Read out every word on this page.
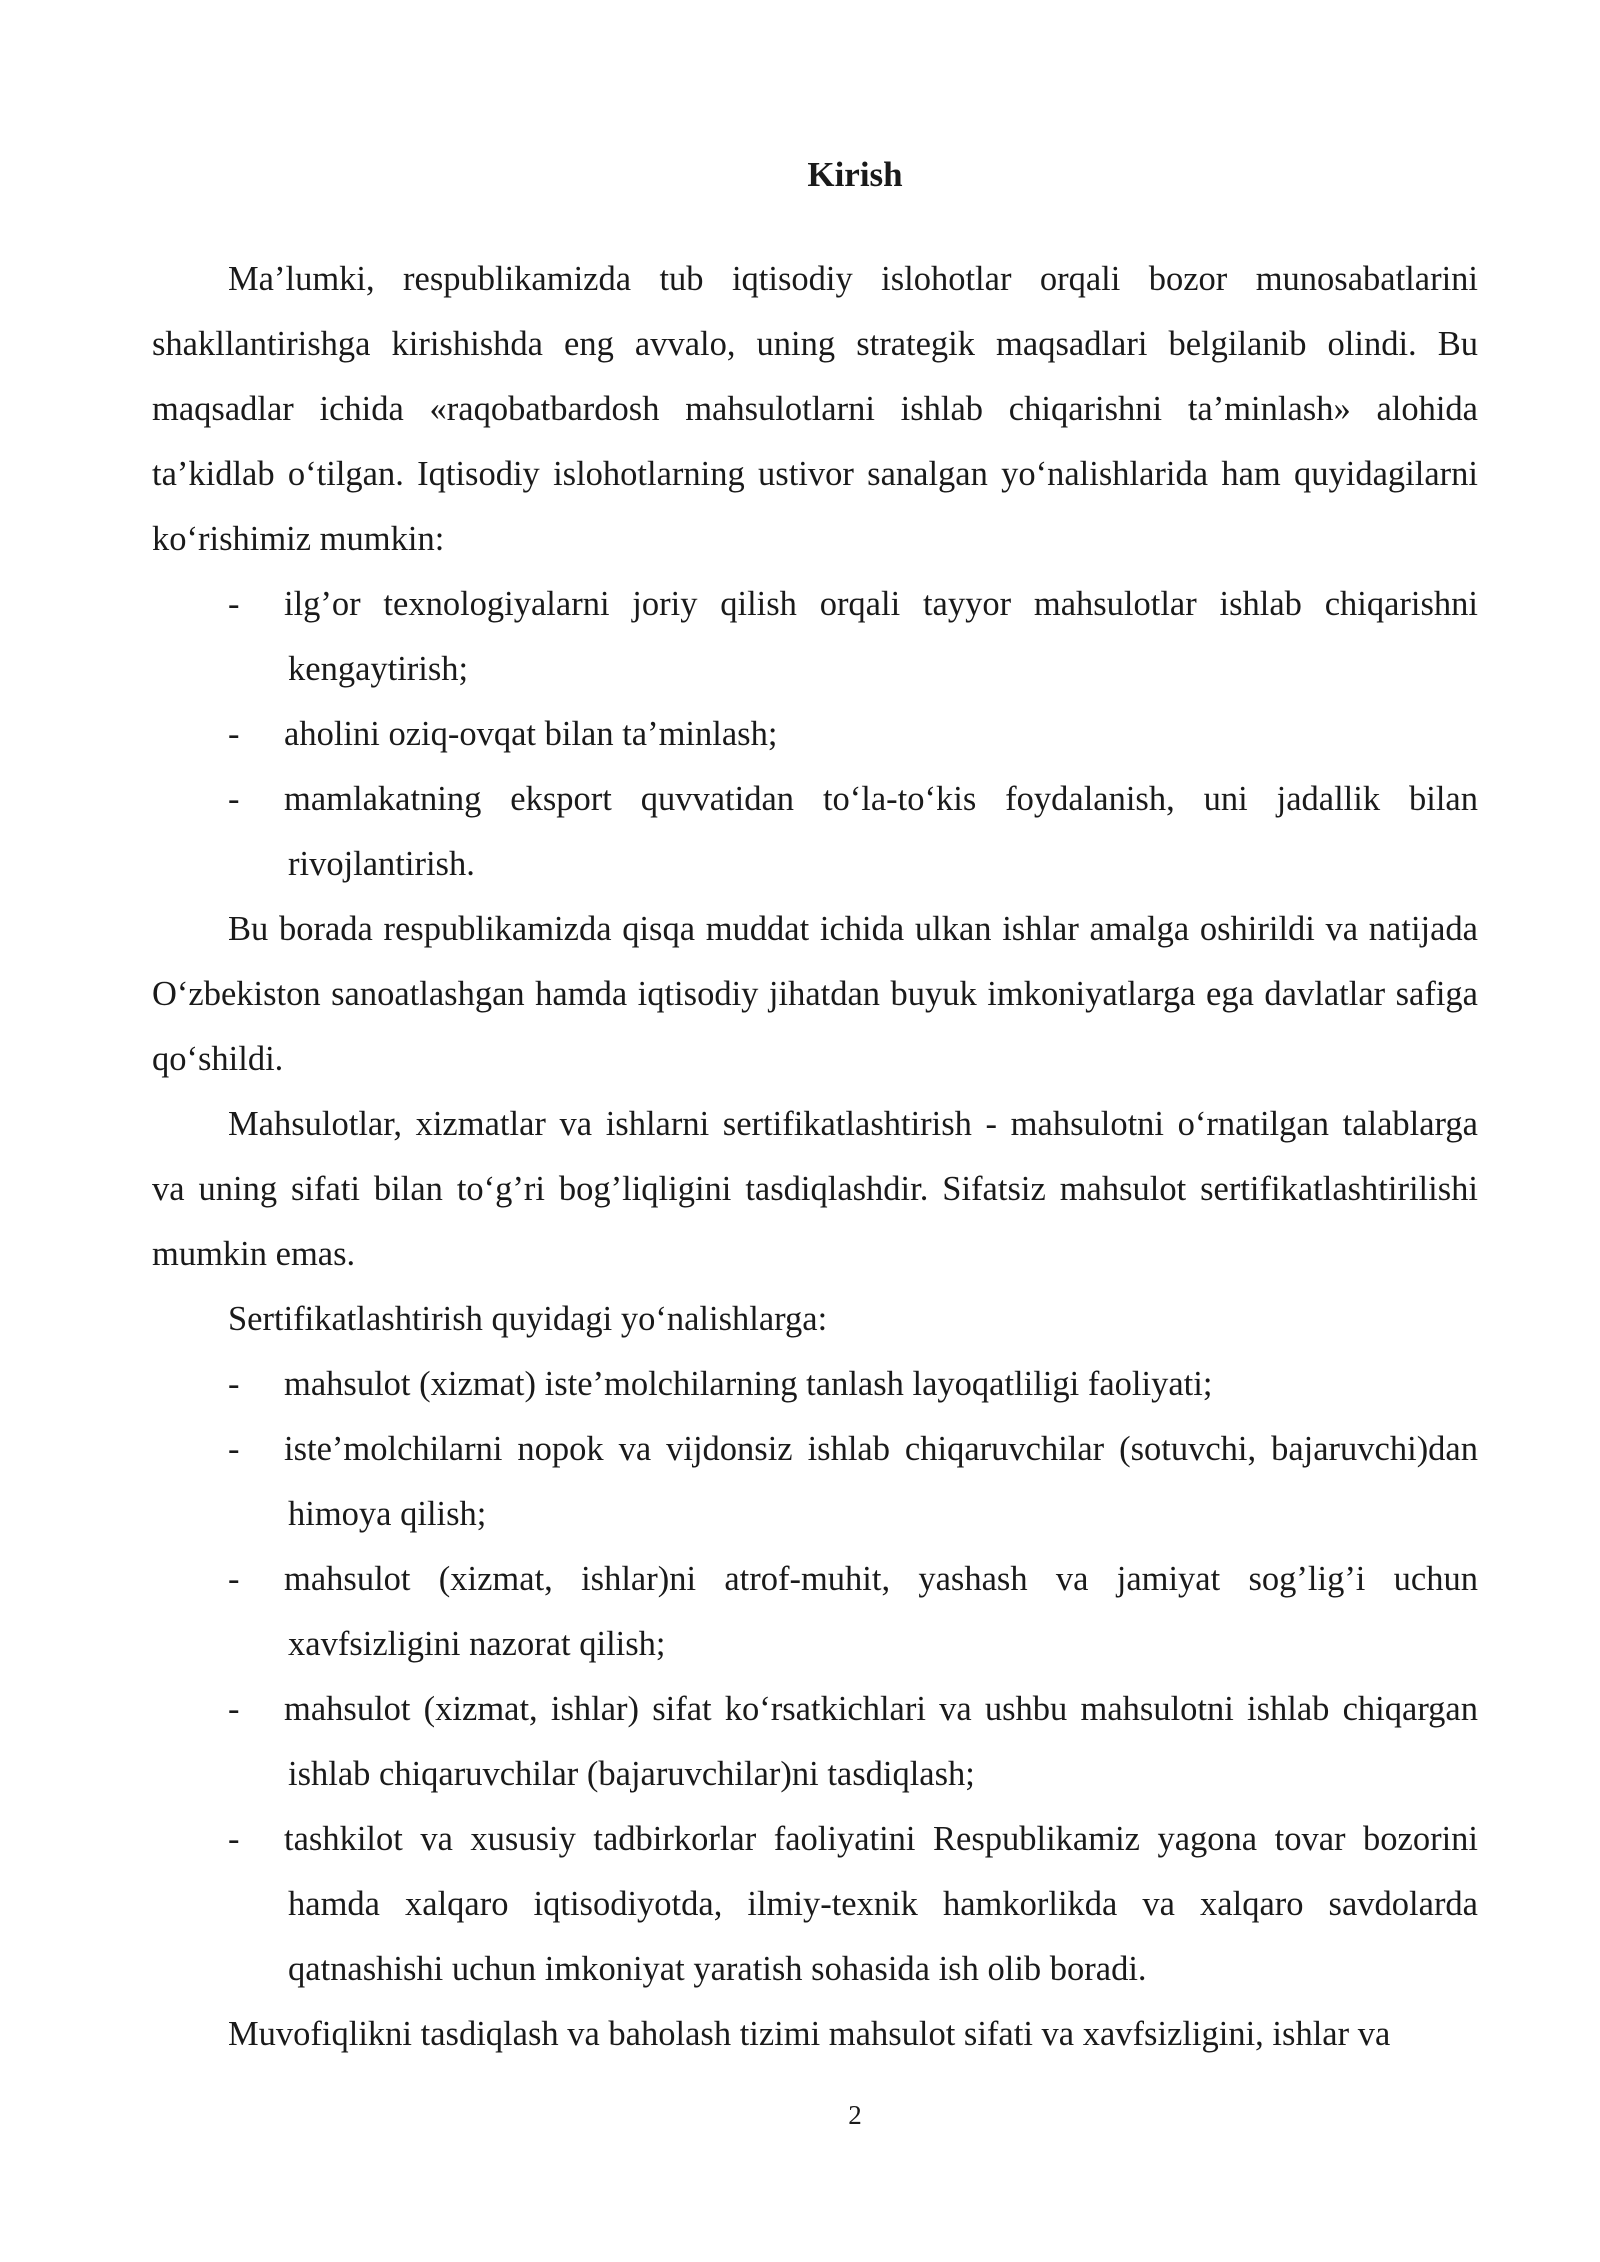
Kirish

Ma’lumki, respublikamizda tub iqtisodiy islohotlar orqali bozor munosabatlarini shakllantirishga kirishishda eng avvalo, uning strategik maqsadlari belgilanib olindi. Bu maqsadlar ichida «raqobatbardosh mahsulotlarni ishlab chiqarishni ta’minlash» alohida ta’kidlab o‘tilgan. Iqtisodiy islohotlarning ustivor sanalgan yo‘nalishlarida ham quyidagilarni ko‘rishimiz mumkin:

- ilg’or texnologiyalarni joriy qilish orqali tayyor mahsulotlar ishlab chiqarishni kengaytirish;
- aholini oziq-ovqat bilan ta’minlash;
- mamlakatning eksport quvvatidan to‘la-to‘kis foydalanish, uni jadallik bilan rivojlantirish.

Bu borada respublikamizda qisqa muddat ichida ulkan ishlar amalga oshirildi va natijada O‘zbekiston sanoatlashgan hamda iqtisodiy jihatdan buyuk imkoniyatlarga ega davlatlar safiga qo‘shildi.

Mahsulotlar, xizmatlar va ishlarni sertifikatlashtirish - mahsulotni o‘rnatilgan talablarga va uning sifati bilan to‘g’ri bog’liqligini tasdiqlashdir. Sifatsiz mahsulot sertifikatlashtirilishi mumkin emas.

Sertifikatlashtirish quyidagi yo‘nalishlarga:

- mahsulot (xizmat) iste’molchilarning tanlash layoqatliligi faoliyati;
- iste’molchilarni nopok va vijdonsiz ishlab chiqaruvchilar (sotuvchi, bajaruvchi)dan himoya qilish;
- mahsulot (xizmat, ishlar)ni atrof-muhit, yashash va jamiyat sog’lig’i uchun xavfsizligini nazorat qilish;
- mahsulot (xizmat, ishlar) sifat ko‘rsatkichlari va ushbu mahsulotni ishlab chiqargan ishlab chiqaruvchilar (bajaruvchilar)ni tasdiqlash;
- tashkilot va xususiy tadbirkorlar faoliyatini Respublikamiz yagona tovar bozorini hamda xalqaro iqtisodiyotda, ilmiy-texnik hamkorlikda va xalqaro savdolarda qatnashishi uchun imkoniyat yaratish sohasida ish olib boradi.

Muvofiqlikni tasdiqlash va baholash tizimi mahsulot sifati va xavfsizligini, ishlar va

2
